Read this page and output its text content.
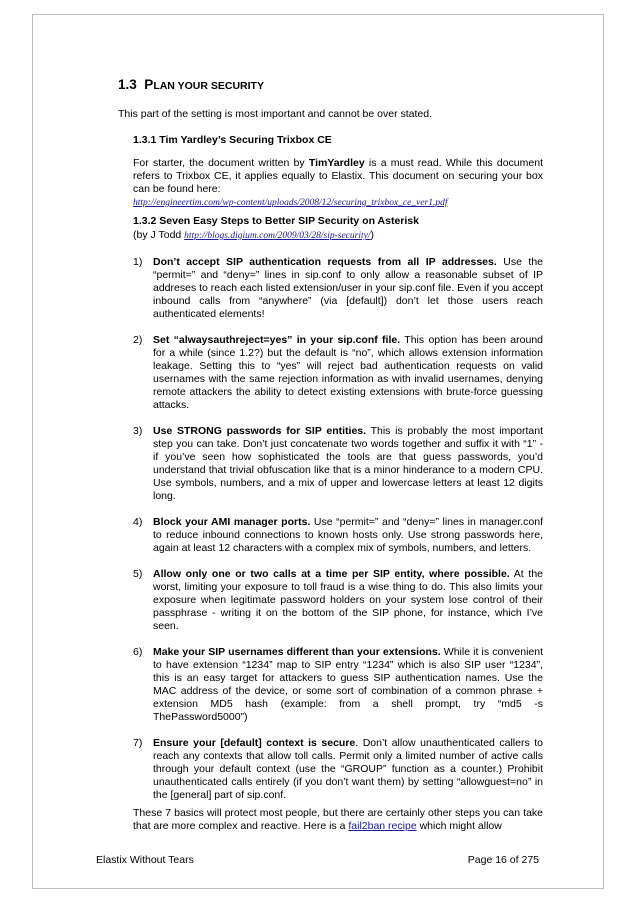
1.3 PLAN YOUR SECURITY
This part of the setting is most important and cannot be over stated.
1.3.1 Tim Yardley’s Securing Trixbox CE
For starter, the document written by TimYardley is a must read. While this document refers to Trixbox CE, it applies equally to Elastix. This document on securing your box can be found here:
http://engineertim.com/wp-content/uploads/2008/12/securing_trixbox_ce_ver1.pdf
1.3.2 Seven Easy Steps to Better SIP Security on Asterisk
(by J Todd http://blogs.digium.com/2009/03/28/sip-security/)
1) Don’t accept SIP authentication requests from all IP addresses. Use the “permit=” and “deny=” lines in sip.conf to only allow a reasonable subset of IP addreses to reach each listed extension/user in your sip.conf file. Even if you accept inbound calls from “anywhere” (via [default]) don’t let those users reach authenticated elements!
2) Set “alwaysauthreject=yes” in your sip.conf file. This option has been around for a while (since 1.2?) but the default is “no”, which allows extension information leakage. Setting this to “yes” will reject bad authentication requests on valid usernames with the same rejection information as with invalid usernames, denying remote attackers the ability to detect existing extensions with brute-force guessing attacks.
3) Use STRONG passwords for SIP entities. This is probably the most important step you can take. Don’t just concatenate two words together and suffix it with “1” - if you’ve seen how sophisticated the tools are that guess passwords, you’d understand that trivial obfuscation like that is a minor hinderance to a modern CPU. Use symbols, numbers, and a mix of upper and lowercase letters at least 12 digits long.
4) Block your AMI manager ports. Use “permit=” and “deny=” lines in manager.conf to reduce inbound connections to known hosts only. Use strong passwords here, again at least 12 characters with a complex mix of symbols, numbers, and letters.
5) Allow only one or two calls at a time per SIP entity, where possible. At the worst, limiting your exposure to toll fraud is a wise thing to do. This also limits your exposure when legitimate password holders on your system lose control of their passphrase - writing it on the bottom of the SIP phone, for instance, which I’ve seen.
6) Make your SIP usernames different than your extensions. While it is convenient to have extension “1234” map to SIP entry “1234” which is also SIP user “1234”, this is an easy target for attackers to guess SIP authentication names. Use the MAC address of the device, or some sort of combination of a common phrase + extension MD5 hash (example: from a shell prompt, try “md5 -s ThePassword5000”)
7) Ensure your [default] context is secure. Don’t allow unauthenticated callers to reach any contexts that allow toll calls. Permit only a limited number of active calls through your default context (use the “GROUP” function as a counter.) Prohibit unauthenticated calls entirely (if you don’t want them) by setting “allowguest=no” in the [general] part of sip.conf.
These 7 basics will protect most people, but there are certainly other steps you can take that are more complex and reactive. Here is a fail2ban recipe which might allow
Elastix Without Tears	Page 16 of 275
